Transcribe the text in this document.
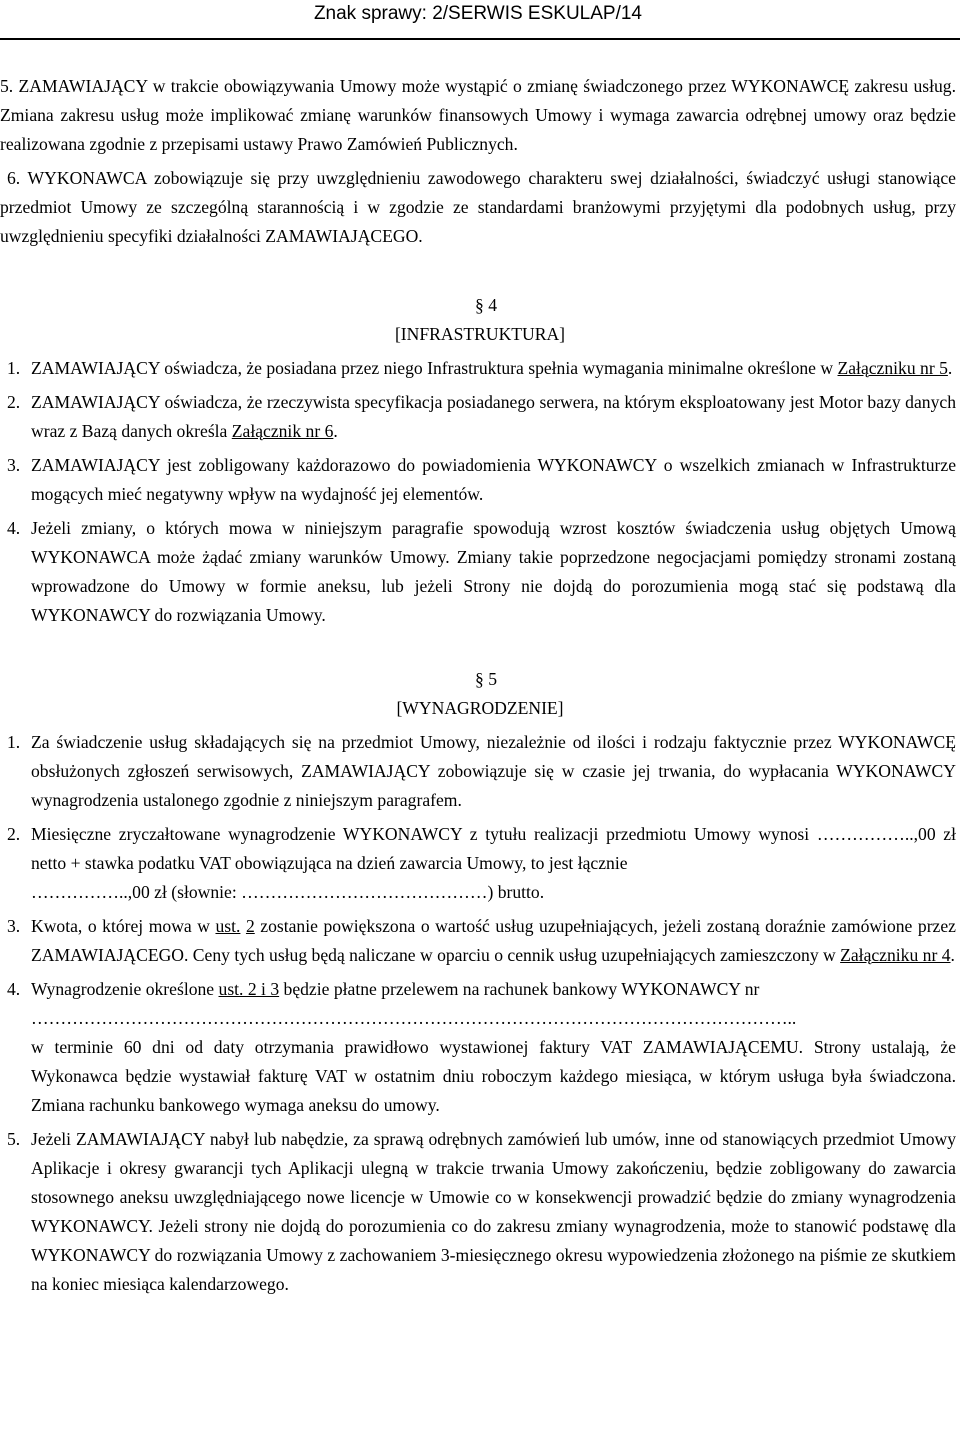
Znak sprawy: 2/SERWIS ESKULAP/14

5. ZAMAWIAJĄCY w trakcie obowiązywania Umowy może wystąpić o zmianę świadczonego przez WYKONAWCĘ zakresu usług. Zmiana zakresu usług może implikować zmianę warunków finansowych Umowy i wymaga zawarcia odrębnej umowy oraz będzie realizowana zgodnie z przepisami ustawy Prawo Zamówień Publicznych.

6. WYKONAWCA zobowiązuje się przy uwzględnieniu zawodowego charakteru swej działalności, świadczyć usługi stanowiące przedmiot Umowy ze szczególną starannością i w zgodzie ze standardami branżowymi przyjętymi dla podobnych usług, przy uwzględnieniu specyfiki działalności ZAMAWIAJĄCEGO.

§ 4

[INFRASTRUKTURA]

1. ZAMAWIAJĄCY oświadcza, że posiadana przez niego Infrastruktura spełnia wymagania minimalne określone w Załączniku nr 5.

2. ZAMAWIAJĄCY oświadcza, że rzeczywista specyfikacja posiadanego serwera, na którym eksploatowany jest Motor bazy danych wraz z Bazą danych określa Załącznik nr 6.

3. ZAMAWIAJĄCY jest zobligowany każdorazowo do powiadomienia WYKONAWCY o wszelkich zmianach w Infrastrukturze mogących mieć negatywny wpływ na wydajność jej elementów.

4. Jeżeli zmiany, o których mowa w niniejszym paragrafie spowodują wzrost kosztów świadczenia usług objętych Umową WYKONAWCA może żądać zmiany warunków Umowy. Zmiany takie poprzedzone negocjacjami pomiędzy stronami zostaną wprowadzone do Umowy w formie aneksu, lub jeżeli Strony nie dojdą do porozumienia mogą stać się podstawą dla WYKONAWCY do rozwiązania Umowy.

§ 5

[WYNAGRODZENIE]

1. Za świadczenie usług składających się na przedmiot Umowy, niezależnie od ilości i rodzaju faktycznie przez WYKONAWCĘ obsłużonych zgłoszeń serwisowych, ZAMAWIAJĄCY zobowiązuje się w czasie jej trwania, do wypłacania WYKONAWCY wynagrodzenia ustalonego zgodnie z niniejszym paragrafem.

2. Miesięczne zryczałtowane wynagrodzenie WYKONAWCY z tytułu realizacji przedmiotu Umowy wynosi ……………..,00 zł netto + stawka podatku VAT obowiązująca na dzień zawarcia Umowy, to jest łącznie
……………..,00 zł (słownie: ……………………………………) brutto.

3. Kwota, o której mowa w ust. 2 zostanie powiększona o wartość usług uzupełniających, jeżeli zostaną doraźnie zamówione przez ZAMAWIAJĄCEGO. Ceny tych usług będą naliczane w oparciu o cennik usług uzupełniających zamieszczony w Załączniku nr 4.

4. Wynagrodzenie określone ust. 2 i 3 będzie płatne przelewem na rachunek bankowy WYKONAWCY nr
…………………………………………………………………………………………………………………..
w terminie 60 dni od daty otrzymania prawidłowo wystawionej faktury VAT ZAMAWIAJĄCEMU. Strony ustalają, że Wykonawca będzie wystawiał fakturę VAT w ostatnim dniu roboczym każdego miesiąca, w którym usługa była świadczona. Zmiana rachunku bankowego wymaga aneksu do umowy.

5. Jeżeli ZAMAWIAJĄCY nabył lub nabędzie, za sprawą odrębnych zamówień lub umów, inne od stanowiących przedmiot Umowy Aplikacje i okresy gwarancji tych Aplikacji ulegną w trakcie trwania Umowy zakończeniu, będzie zobligowany do zawarcia stosownego aneksu uwzględniającego nowe licencje w Umowie co w konsekwencji prowadzić będzie do zmiany wynagrodzenia WYKONAWCY. Jeżeli strony nie dojdą do porozumienia co do zakresu zmiany wynagrodzenia, może to stanowić podstawę dla WYKONAWCY do rozwiązania Umowy z zachowaniem 3-miesięcznego okresu wypowiedzenia złożonego na piśmie ze skutkiem na koniec miesiąca kalendarzowego.
